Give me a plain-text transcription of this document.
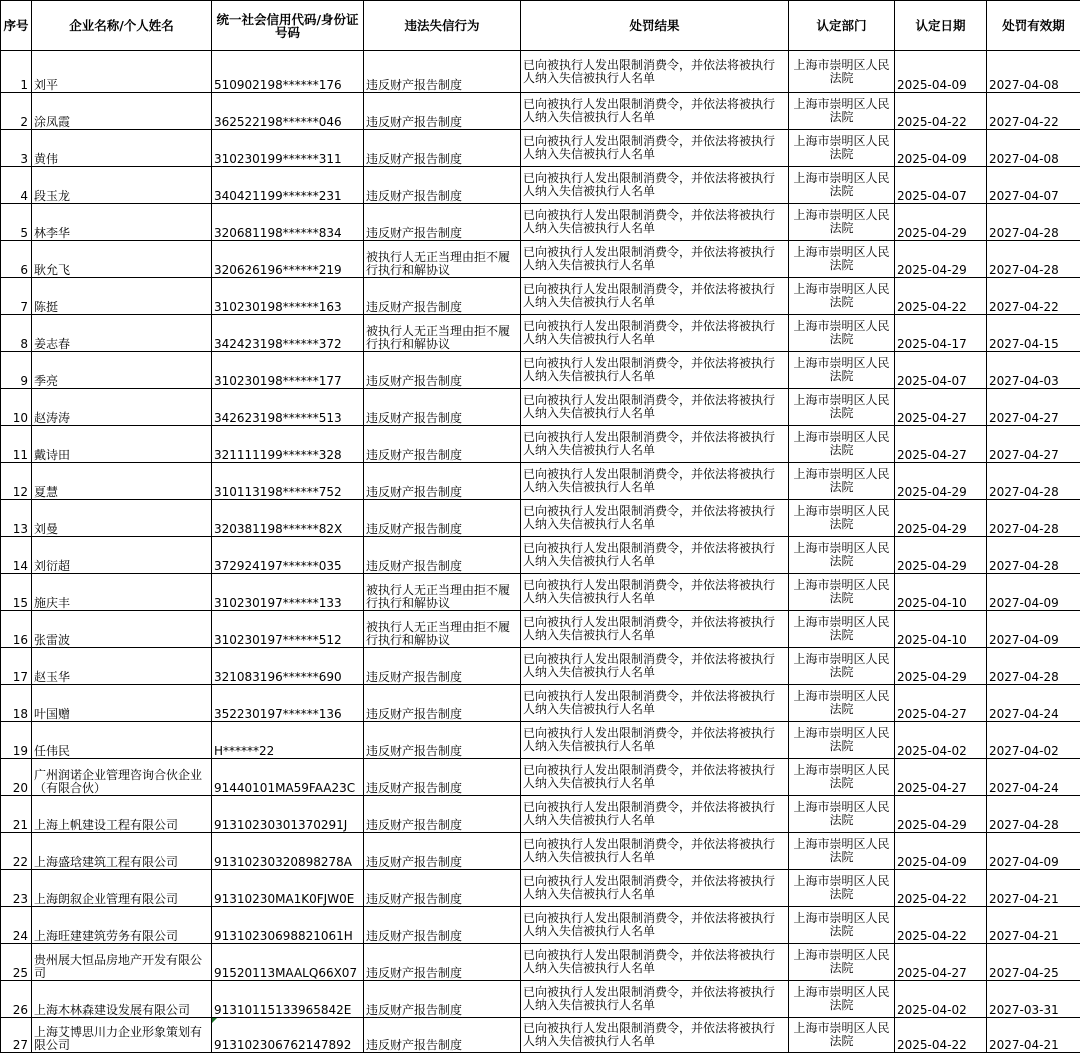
序号	企业名称/个人姓名	统一社会信用代码/身份证号码	违法失信行为	处罚结果	认定部门	认定日期	处罚有效期
1	刘平	510902198******176	违反财产报告制度	已向被执行人发出限制消费令，并依法将被执行人纳入失信被执行人名单	上海市崇明区人民法院	2025-04-09	2027-04-08
2	涂凤霞	362522198******046	违反财产报告制度	已向被执行人发出限制消费令，并依法将被执行人纳入失信被执行人名单	上海市崇明区人民法院	2025-04-22	2027-04-22
3	黄伟	310230199******311	违反财产报告制度	已向被执行人发出限制消费令，并依法将被执行人纳入失信被执行人名单	上海市崇明区人民法院	2025-04-09	2027-04-08
4	段玉龙	340421199******231	违反财产报告制度	已向被执行人发出限制消费令，并依法将被执行人纳入失信被执行人名单	上海市崇明区人民法院	2025-04-07	2027-04-07
5	林李华	320681198******834	违反财产报告制度	已向被执行人发出限制消费令，并依法将被执行人纳入失信被执行人名单	上海市崇明区人民法院	2025-04-29	2027-04-28
6	耿允飞	320626196******219	被执行人无正当理由拒不履行执行和解协议	已向被执行人发出限制消费令，并依法将被执行人纳入失信被执行人名单	上海市崇明区人民法院	2025-04-29	2027-04-28
7	陈挺	310230198******163	违反财产报告制度	已向被执行人发出限制消费令，并依法将被执行人纳入失信被执行人名单	上海市崇明区人民法院	2025-04-22	2027-04-22
8	姜志春	342423198******372	被执行人无正当理由拒不履行执行和解协议	已向被执行人发出限制消费令，并依法将被执行人纳入失信被执行人名单	上海市崇明区人民法院	2025-04-17	2027-04-15
9	季亮	310230198******177	违反财产报告制度	已向被执行人发出限制消费令，并依法将被执行人纳入失信被执行人名单	上海市崇明区人民法院	2025-04-07	2027-04-03
10	赵涛涛	342623198******513	违反财产报告制度	已向被执行人发出限制消费令，并依法将被执行人纳入失信被执行人名单	上海市崇明区人民法院	2025-04-27	2027-04-27
11	戴诗田	321111199******328	违反财产报告制度	已向被执行人发出限制消费令，并依法将被执行人纳入失信被执行人名单	上海市崇明区人民法院	2025-04-27	2027-04-27
12	夏慧	310113198******752	违反财产报告制度	已向被执行人发出限制消费令，并依法将被执行人纳入失信被执行人名单	上海市崇明区人民法院	2025-04-29	2027-04-28
13	刘曼	320381198******82X	违反财产报告制度	已向被执行人发出限制消费令，并依法将被执行人纳入失信被执行人名单	上海市崇明区人民法院	2025-04-29	2027-04-28
14	刘衍超	372924197******035	违反财产报告制度	已向被执行人发出限制消费令，并依法将被执行人纳入失信被执行人名单	上海市崇明区人民法院	2025-04-29	2027-04-28
15	施庆丰	310230197******133	被执行人无正当理由拒不履行执行和解协议	已向被执行人发出限制消费令，并依法将被执行人纳入失信被执行人名单	上海市崇明区人民法院	2025-04-10	2027-04-09
16	张雷波	310230197******512	被执行人无正当理由拒不履行执行和解协议	已向被执行人发出限制消费令，并依法将被执行人纳入失信被执行人名单	上海市崇明区人民法院	2025-04-10	2027-04-09
17	赵玉华	321083196******690	违反财产报告制度	已向被执行人发出限制消费令，并依法将被执行人纳入失信被执行人名单	上海市崇明区人民法院	2025-04-29	2027-04-28
18	叶国赠	352230197******136	违反财产报告制度	已向被执行人发出限制消费令，并依法将被执行人纳入失信被执行人名单	上海市崇明区人民法院	2025-04-27	2027-04-24
19	任伟民	H******22	违反财产报告制度	已向被执行人发出限制消费令，并依法将被执行人纳入失信被执行人名单	上海市崇明区人民法院	2025-04-02	2027-04-02
20	广州润诺企业管理咨询合伙企业（有限合伙）	91440101MA59FAA23C	违反财产报告制度	已向被执行人发出限制消费令，并依法将被执行人纳入失信被执行人名单	上海市崇明区人民法院	2025-04-27	2027-04-24
21	上海上帆建设工程有限公司	91310230301370291J	违反财产报告制度	已向被执行人发出限制消费令，并依法将被执行人纳入失信被执行人名单	上海市崇明区人民法院	2025-04-29	2027-04-28
22	上海盛琀建筑工程有限公司	91310230320898278A	违反财产报告制度	已向被执行人发出限制消费令，并依法将被执行人纳入失信被执行人名单	上海市崇明区人民法院	2025-04-09	2027-04-09
23	上海朗叙企业管理有限公司	91310230MA1K0FJW0E	违反财产报告制度	已向被执行人发出限制消费令，并依法将被执行人纳入失信被执行人名单	上海市崇明区人民法院	2025-04-22	2027-04-21
24	上海旺建建筑劳务有限公司	91310230698821061H	违反财产报告制度	已向被执行人发出限制消费令，并依法将被执行人纳入失信被执行人名单	上海市崇明区人民法院	2025-04-22	2027-04-21
25	贵州展大恒品房地产开发有限公司	91520113MAALQ66X07	违反财产报告制度	已向被执行人发出限制消费令，并依法将被执行人纳入失信被执行人名单	上海市崇明区人民法院	2025-04-27	2027-04-25
26	上海木林森建设发展有限公司	91310115133965842E	违反财产报告制度	已向被执行人发出限制消费令，并依法将被执行人纳入失信被执行人名单	上海市崇明区人民法院	2025-04-02	2027-03-31
27	上海艾博思川力企业形象策划有限公司	913102306762147892	违反财产报告制度	已向被执行人发出限制消费令，并依法将被执行人纳入失信被执行人名单	上海市崇明区人民法院	2025-04-22	2027-04-21
